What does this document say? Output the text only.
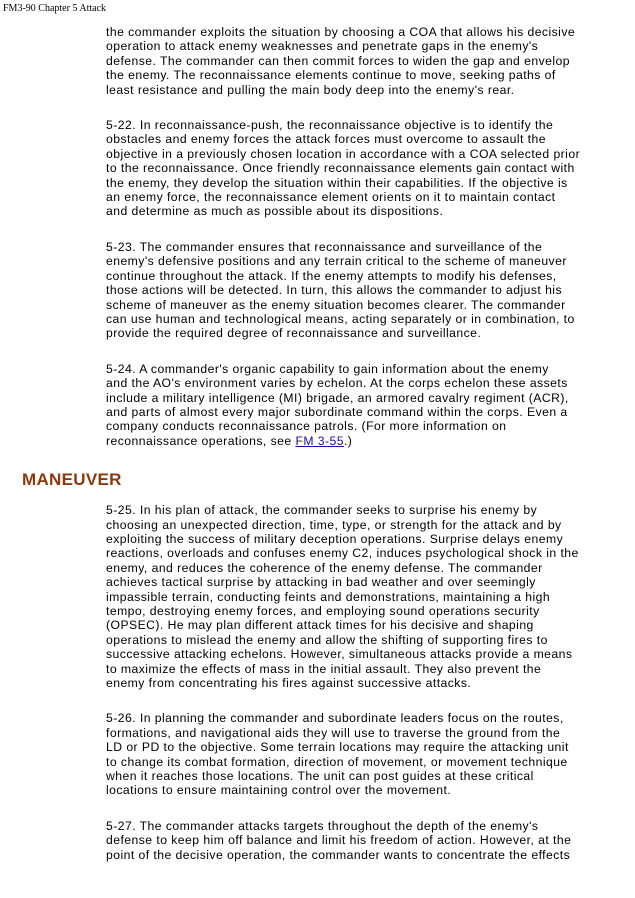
FM3-90 Chapter 5 Attack
the commander exploits the situation by choosing a COA that allows his decisive
operation to attack enemy weaknesses and penetrate gaps in the enemy's
defense. The commander can then commit forces to widen the gap and envelop
the enemy. The reconnaissance elements continue to move, seeking paths of
least resistance and pulling the main body deep into the enemy's rear.
5-22. In reconnaissance-push, the reconnaissance objective is to identify the
obstacles and enemy forces the attack forces must overcome to assault the
objective in a previously chosen location in accordance with a COA selected prior
to the reconnaissance. Once friendly reconnaissance elements gain contact with
the enemy, they develop the situation within their capabilities. If the objective is
an enemy force, the reconnaissance element orients on it to maintain contact
and determine as much as possible about its dispositions.
5-23. The commander ensures that reconnaissance and surveillance of the
enemy's defensive positions and any terrain critical to the scheme of maneuver
continue throughout the attack. If the enemy attempts to modify his defenses,
those actions will be detected. In turn, this allows the commander to adjust his
scheme of maneuver as the enemy situation becomes clearer. The commander
can use human and technological means, acting separately or in combination, to
provide the required degree of reconnaissance and surveillance.
5-24. A commander's organic capability to gain information about the enemy
and the AO's environment varies by echelon. At the corps echelon these assets
include a military intelligence (MI) brigade, an armored cavalry regiment (ACR),
and parts of almost every major subordinate command within the corps. Even a
company conducts reconnaissance patrols. (For more information on
reconnaissance operations, see FM 3-55.)
MANEUVER
5-25. In his plan of attack, the commander seeks to surprise his enemy by
choosing an unexpected direction, time, type, or strength for the attack and by
exploiting the success of military deception operations. Surprise delays enemy
reactions, overloads and confuses enemy C2, induces psychological shock in the
enemy, and reduces the coherence of the enemy defense. The commander
achieves tactical surprise by attacking in bad weather and over seemingly
impassible terrain, conducting feints and demonstrations, maintaining a high
tempo, destroying enemy forces, and employing sound operations security
(OPSEC). He may plan different attack times for his decisive and shaping
operations to mislead the enemy and allow the shifting of supporting fires to
successive attacking echelons. However, simultaneous attacks provide a means
to maximize the effects of mass in the initial assault. They also prevent the
enemy from concentrating his fires against successive attacks.
5-26. In planning the commander and subordinate leaders focus on the routes,
formations, and navigational aids they will use to traverse the ground from the
LD or PD to the objective. Some terrain locations may require the attacking unit
to change its combat formation, direction of movement, or movement technique
when it reaches those locations. The unit can post guides at these critical
locations to ensure maintaining control over the movement.
5-27. The commander attacks targets throughout the depth of the enemy's
defense to keep him off balance and limit his freedom of action. However, at the
point of the decisive operation, the commander wants to concentrate the effects
